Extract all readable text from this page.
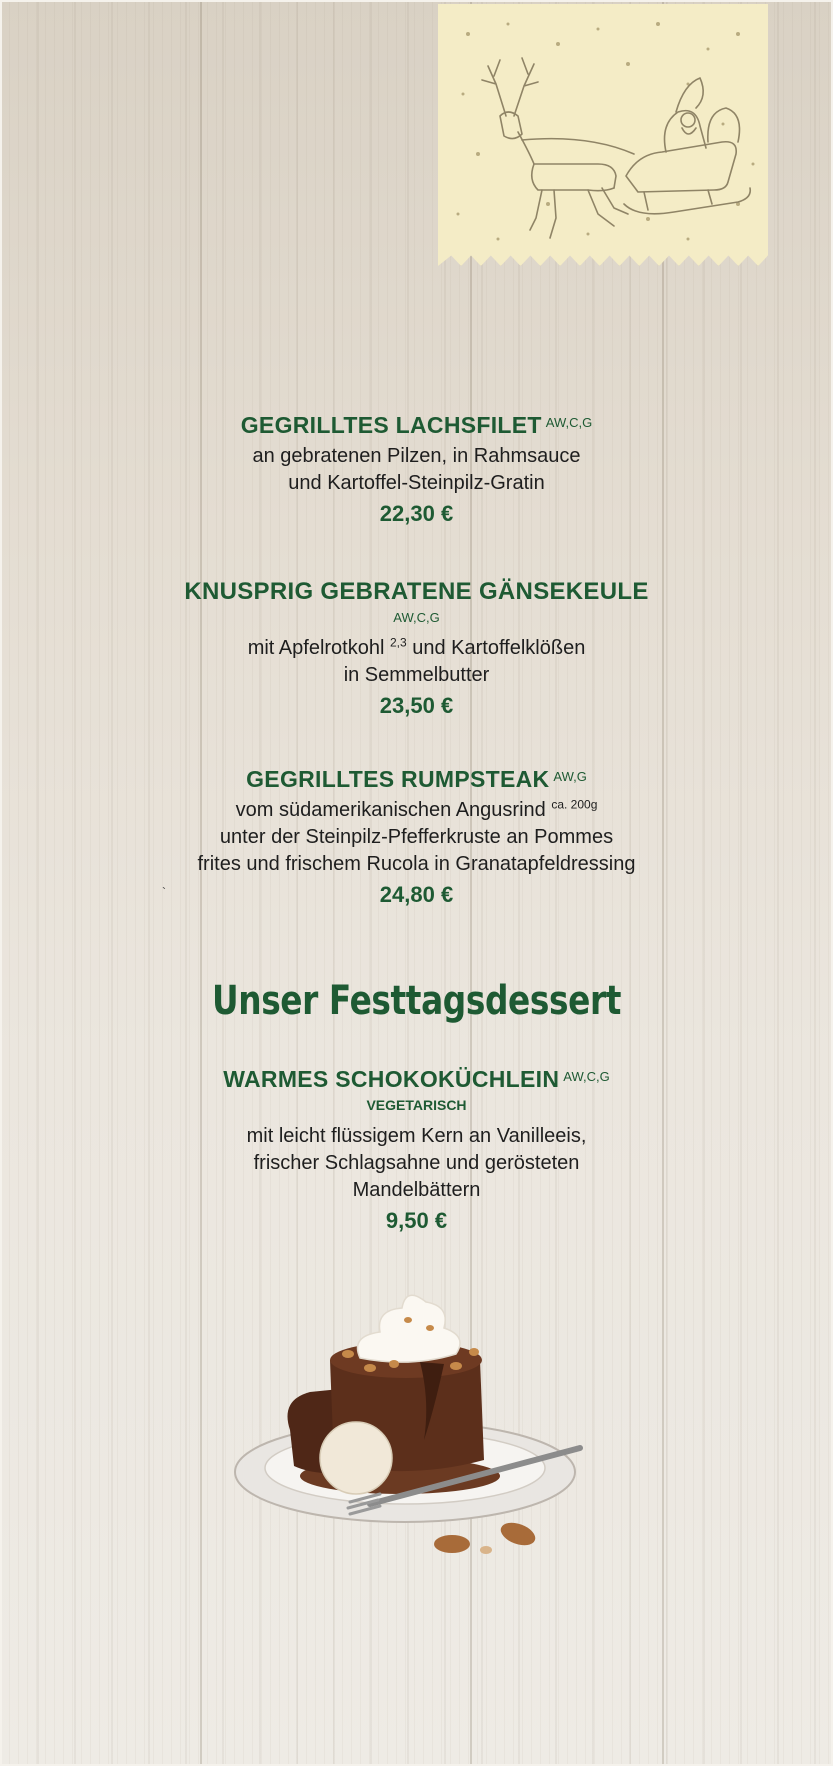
GEGRILLTES LACHSFILET $^{AW,C,G}$
an gebratenen Pilzen, in Rahmsauce
und Kartoffel-Steinpilz-Gratin
22,30 €
KNUSPRIG GEBRATENE GÄNSEKEULE
AW,C,G
mit Apfelrotkohl $^{2,3}$ und Kartoffelklößen
in Semmelbutter
23,50 €
GEGRILLTES RUMPSTEAK $^{AW,G}$
vom südamerikanischen Angusrind $^{ca. 200g}$
unter der Steinpilz-Pfefferkruste an Pommes
frites und frischem Rucola in Granatapfeldressing
24,80 €
`
Unser Festtagsdessert
WARMES SCHOKOKÜCHLEIN $^{AW,C,G}$
VEGETARISCH
mit leicht flüssigem Kern an Vanilleeis,
frischer Schlagsahne und gerösteten
Mandelbättern
9,50 €
